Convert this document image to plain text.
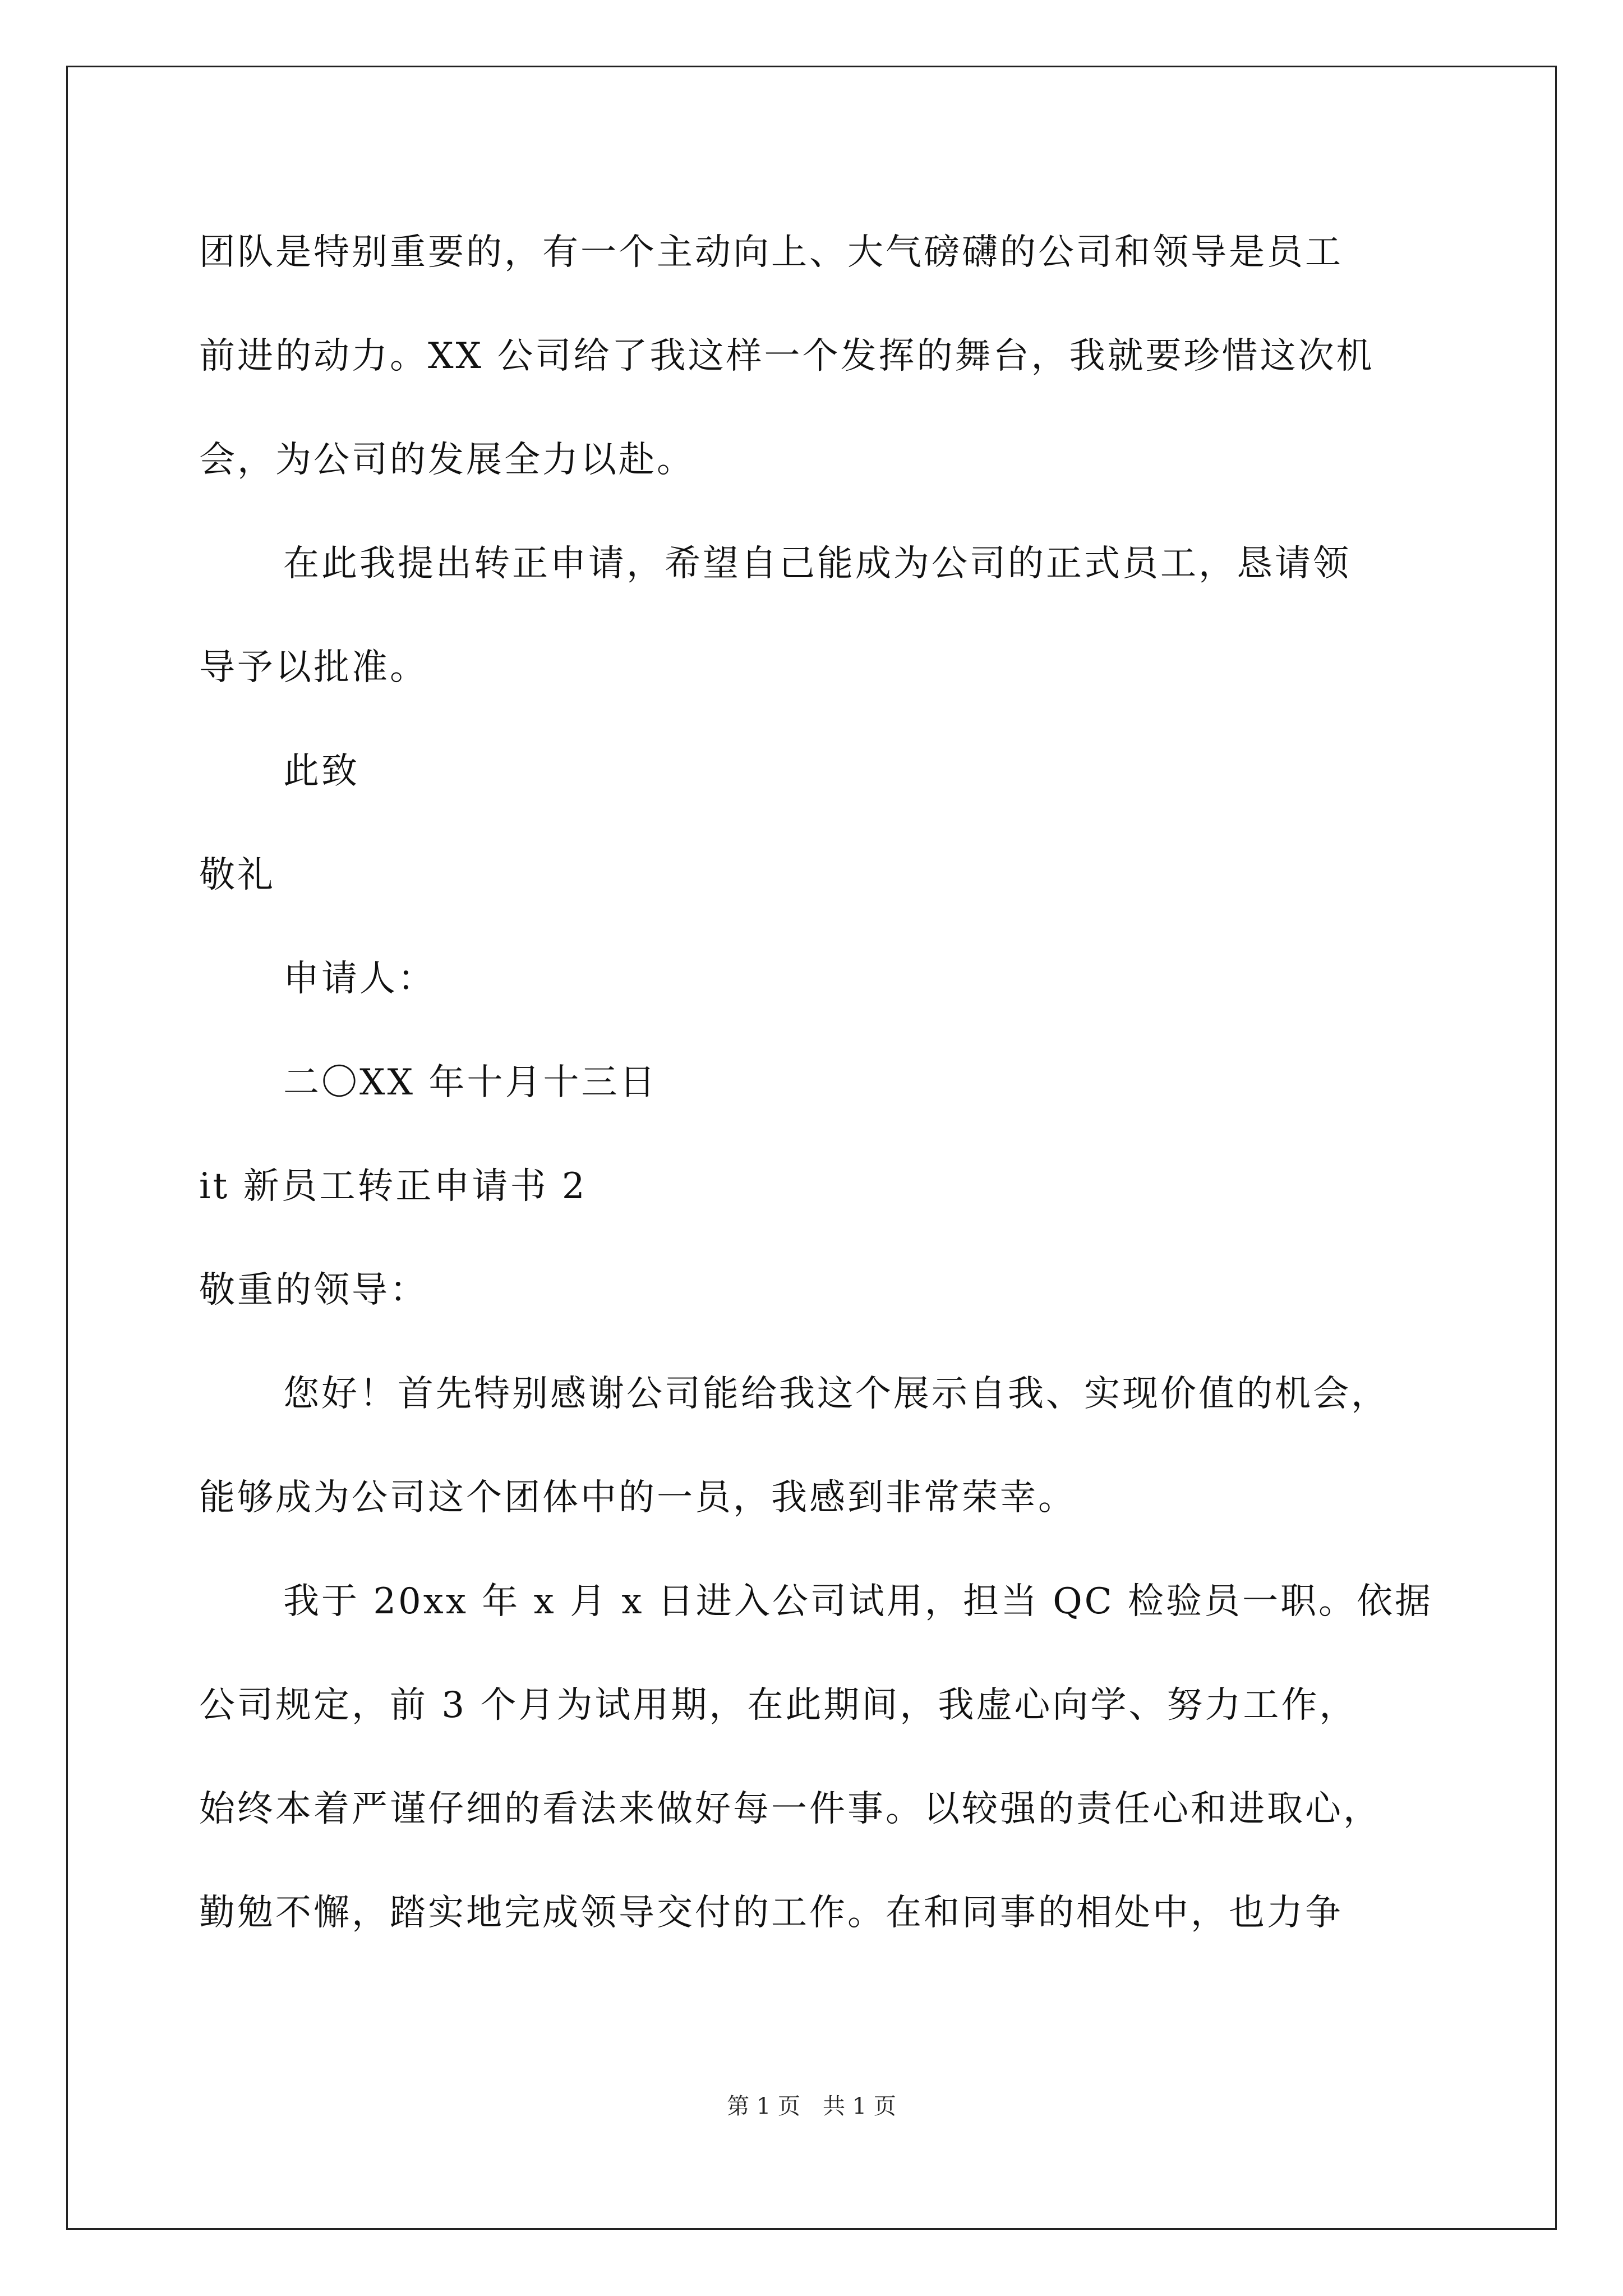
团队是特别重要的，有一个主动向上、大气磅礴的公司和领导是员工
前进的动力。XX 公司给了我这样一个发挥的舞台，我就要珍惜这次机
会，为公司的发展全力以赴。
在此我提出转正申请，希望自己能成为公司的正式员工，恳请领
导予以批准。
此致
敬礼
申请人：
二〇XX 年十月十三日
it 新员工转正申请书 2
敬重的领导：
您好！首先特别感谢公司能给我这个展示自我、实现价值的机会，
能够成为公司这个团体中的一员，我感到非常荣幸。
我于 20xx 年 x 月 x 日进入公司试用，担当 QC 检验员一职。依据
公司规定，前 3 个月为试用期，在此期间，我虚心向学、努力工作，
始终本着严谨仔细的看法来做好每一件事。以较强的责任心和进取心，
勤勉不懈，踏实地完成领导交付的工作。在和同事的相处中，也力争
第 1 页　共 1 页
